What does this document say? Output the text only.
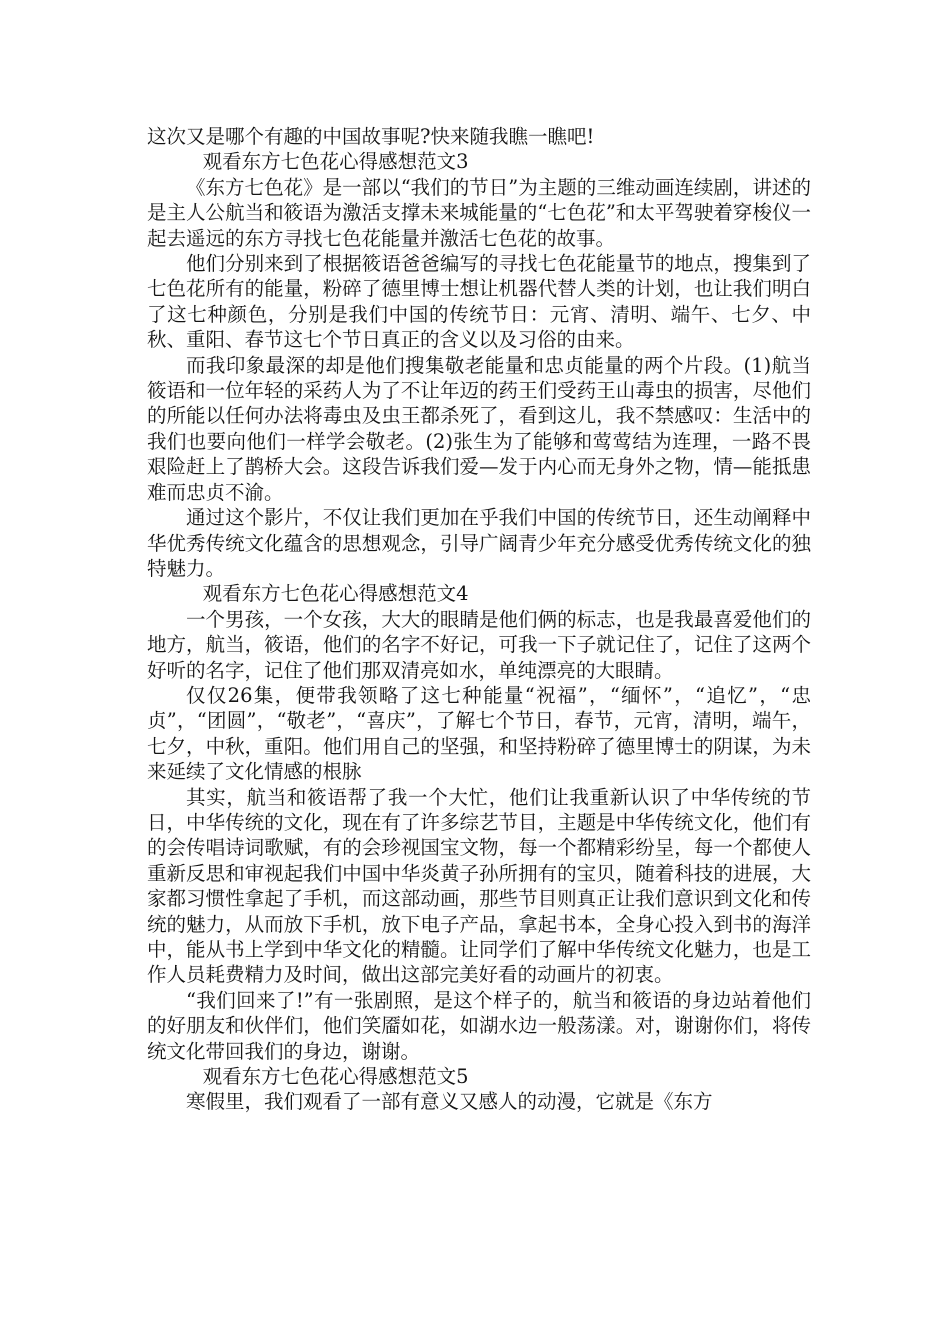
这次又是哪个有趣的中国故事呢?快来随我瞧一瞧吧!

观看东方七色花心得感想范文3

《东方七色花》是一部以“我们的节日”为主题的三维动画连续剧，讲述的是主人公航当和筱语为激活支撑未来城能量的“七色花”和太平驾驶着穿梭仪一起去遥远的东方寻找七色花能量并激活七色花的故事。

他们分别来到了根据筱语爸爸编写的寻找七色花能量节的地点，搜集到了七色花所有的能量，粉碎了德里博士想让机器代替人类的计划，也让我们明白了这七种颜色，分别是我们中国的传统节日：元宵、清明、端午、七夕、中秋、重阳、春节这七个节日真正的含义以及习俗的由来。

而我印象最深的却是他们搜集敬老能量和忠贞能量的两个片段。(1)航当筱语和一位年轻的采药人为了不让年迈的药王们受药王山毒虫的损害，尽他们的所能以任何办法将毒虫及虫王都杀死了，看到这儿，我不禁感叹：生活中的我们也要向他们一样学会敬老。(2)张生为了能够和莺莺结为连理，一路不畏艰险赶上了鹊桥大会。这段告诉我们爱—发于内心而无身外之物，情—能抵患难而忠贞不渝。

通过这个影片，不仅让我们更加在乎我们中国的传统节日，还生动阐释中华优秀传统文化蕴含的思想观念，引导广阔青少年充分感受优秀传统文化的独特魅力。

观看东方七色花心得感想范文4

一个男孩，一个女孩，大大的眼睛是他们俩的标志，也是我最喜爱他们的地方，航当，筱语，他们的名字不好记，可我一下子就记住了，记住了这两个好听的名字，记住了他们那双清亮如水，单纯漂亮的大眼睛。

仅仅26集，便带我领略了这七种能量“祝福”，“缅怀”，“追忆”，“忠贞”，“团圆”，“敬老”，“喜庆”，了解七个节日，春节，元宵，清明，端午，七夕，中秋，重阳。他们用自己的坚强，和坚持粉碎了德里博士的阴谋，为未来延续了文化情感的根脉

其实，航当和筱语帮了我一个大忙，他们让我重新认识了中华传统的节日，中华传统的文化，现在有了许多综艺节目，主题是中华传统文化，他们有的会传唱诗词歌赋，有的会珍视国宝文物，每一个都精彩纷呈，每一个都使人重新反思和审视起我们中国中华炎黄子孙所拥有的宝贝，随着科技的进展，大家都习惯性拿起了手机，而这部动画，那些节目则真正让我们意识到文化和传统的魅力，从而放下手机，放下电子产品，拿起书本，全身心投入到书的海洋中，能从书上学到中华文化的精髓。让同学们了解中华传统文化魅力，也是工作人员耗费精力及时间，做出这部完美好看的动画片的初衷。

“我们回来了!”有一张剧照，是这个样子的，航当和筱语的身边站着他们的好朋友和伙伴们，他们笑靥如花，如湖水边一般荡漾。对，谢谢你们，将传统文化带回我们的身边，谢谢。

观看东方七色花心得感想范文5

寒假里，我们观看了一部有意义又感人的动漫，它就是《东方
